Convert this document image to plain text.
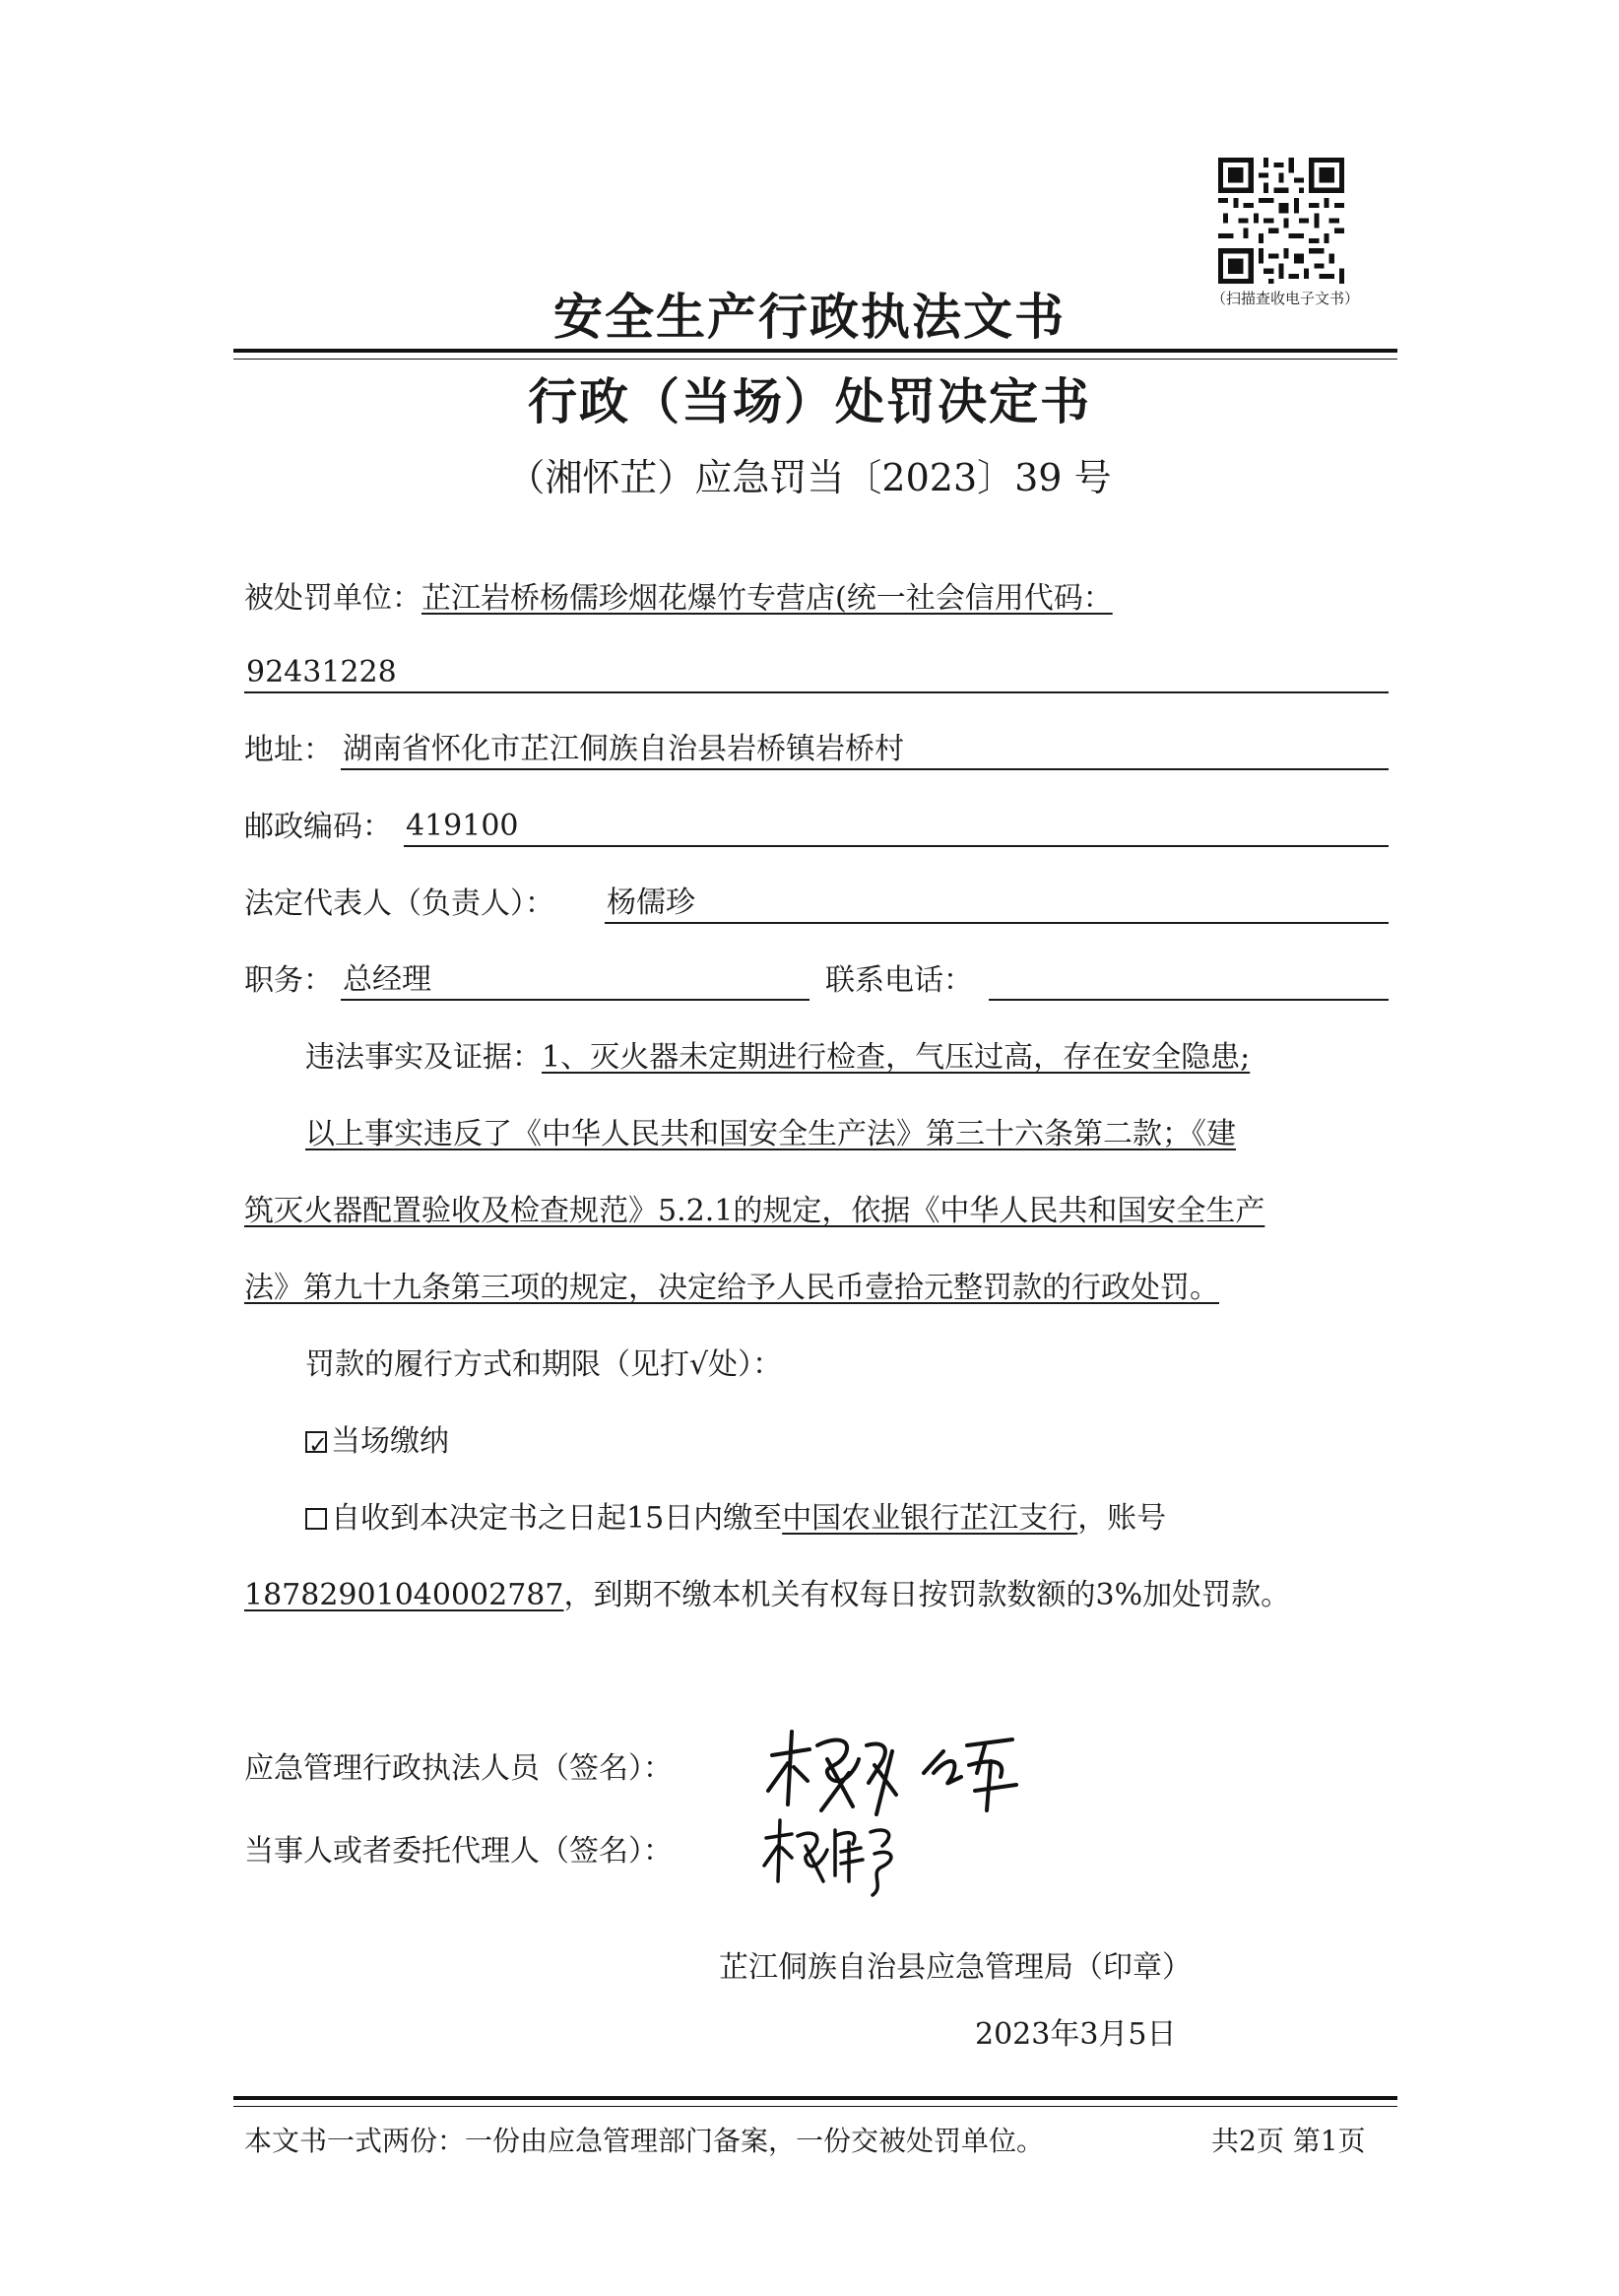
（扫描查收电子文书）
安全生产行政执法文书
行政（当场）处罚决定书
（湘怀芷）应急罚当〔2023〕39 号
被处罚单位：芷江岩桥杨儒珍烟花爆竹专营店(统一社会信用代码：
92431228
地址： 湖南省怀化市芷江侗族自治县岩桥镇岩桥村
邮政编码： 419100
法定代表人（负责人）：	杨儒珍
职务： 总经理	联系电话：
违法事实及证据：1、灭火器未定期进行检查，气压过高，存在安全隐患;
以上事实违反了《中华人民共和国安全生产法》第三十六条第二款；《建
筑灭火器配置验收及检查规范》5.2.1的规定，依据《中华人民共和国安全生产
法》第九十九条第三项的规定，决定给予人民币壹拾元整罚款的行政处罚。
罚款的履行方式和期限（见打√处）：
✓当场缴纳
自收到本决定书之日起15日内缴至中国农业银行芷江支行，账号
18782901040002787，到期不缴本机关有权每日按罚款数额的3%加处罚款。
应急管理行政执法人员（签名）：
当事人或者委托代理人（签名）：
芷江侗族自治县应急管理局（印章）
2023年3月5日
本文书一式两份：一份由应急管理部门备案，一份交被处罚单位。	共2页 第1页
